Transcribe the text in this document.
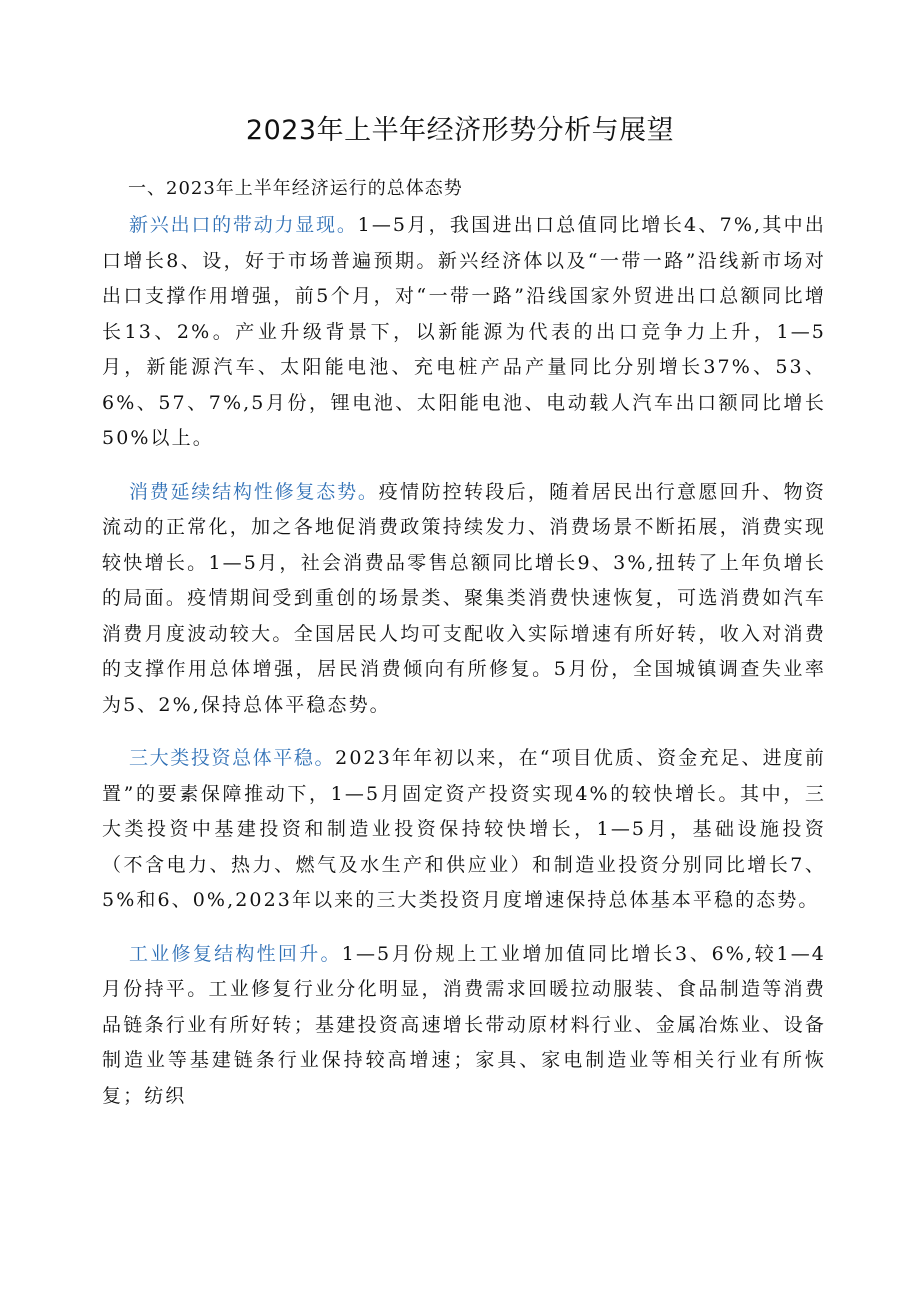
2023年上半年经济形势分析与展望

一、2023年上半年经济运行的总体态势

新兴出口的带动力显现。1—5月，我国进出口总值同比增长4、7%,其中出口增长8、设，好于市场普遍预期。新兴经济体以及“一带一路”沿线新市场对出口支撑作用增强，前5个月，对“一带一路”沿线国家外贸进出口总额同比增长13、2%。产业升级背景下，以新能源为代表的出口竞争力上升，1—5月，新能源汽车、太阳能电池、充电桩产品产量同比分别增长37%、53、6%、57、7%,5月份，锂电池、太阳能电池、电动载人汽车出口额同比增长50%以上。

消费延续结构性修复态势。疫情防控转段后，随着居民出行意愿回升、物资流动的正常化，加之各地促消费政策持续发力、消费场景不断拓展，消费实现较快增长。1—5月，社会消费品零售总额同比增长9、3%,扭转了上年负增长的局面。疫情期间受到重创的场景类、聚集类消费快速恢复，可选消费如汽车消费月度波动较大。全国居民人均可支配收入实际增速有所好转，收入对消费的支撑作用总体增强，居民消费倾向有所修复。5月份，全国城镇调查失业率为5、2%,保持总体平稳态势。

三大类投资总体平稳。2023年年初以来，在“项目优质、资金充足、进度前置”的要素保障推动下，1—5月固定资产投资实现4%的较快增长。其中，三大类投资中基建投资和制造业投资保持较快增长，1—5月，基础设施投资（不含电力、热力、燃气及水生产和供应业）和制造业投资分别同比增长7、5%和6、0%,2023年以来的三大类投资月度增速保持总体基本平稳的态势。

工业修复结构性回升。1—5月份规上工业增加值同比增长3、6%,较1—4月份持平。工业修复行业分化明显，消费需求回暖拉动服装、食品制造等消费品链条行业有所好转；基建投资高速增长带动原材料行业、金属冶炼业、设备制造业等基建链条行业保持较高增速；家具、家电制造业等相关行业有所恢复；纺织
